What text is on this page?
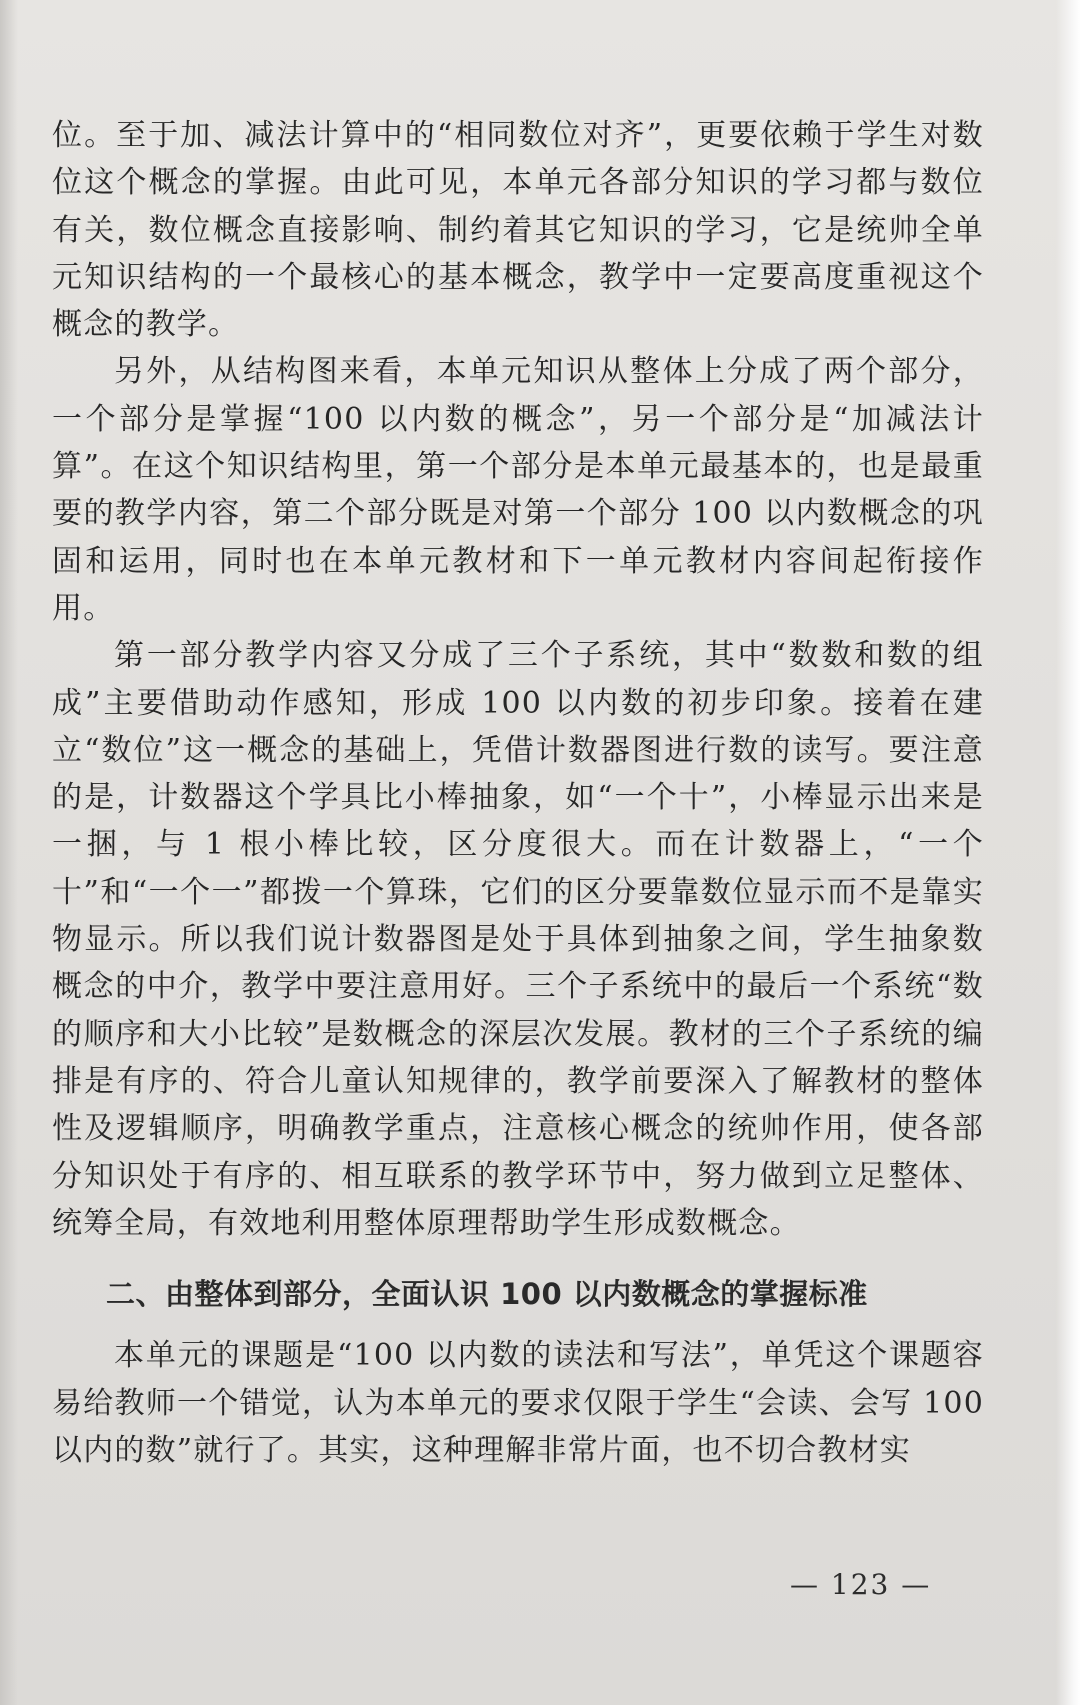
位。至于加、减法计算中的“相同数位对齐”，更要依赖于学生对数位这个概念的掌握。由此可见，本单元各部分知识的学习都与数位有关，数位概念直接影响、制约着其它知识的学习，它是统帅全单元知识结构的一个最核心的基本概念，教学中一定要高度重视这个概念的教学。

另外，从结构图来看，本单元知识从整体上分成了两个部分，一个部分是掌握“100 以内数的概念”，另一个部分是“加减法计算”。在这个知识结构里，第一个部分是本单元最基本的，也是最重要的教学内容，第二个部分既是对第一个部分 100 以内数概念的巩固和运用，同时也在本单元教材和下一单元教材内容间起衔接作用。

第一部分教学内容又分成了三个子系统，其中“数数和数的组成”主要借助动作感知，形成 100 以内数的初步印象。接着在建立“数位”这一概念的基础上，凭借计数器图进行数的读写。要注意的是，计数器这个学具比小棒抽象，如“一个十”，小棒显示出来是一捆，与 1 根小棒比较，区分度很大。而在计数器上，“一个十”和“一个一”都拨一个算珠，它们的区分要靠数位显示而不是靠实物显示。所以我们说计数器图是处于具体到抽象之间，学生抽象数概念的中介，教学中要注意用好。三个子系统中的最后一个系统“数的顺序和大小比较”是数概念的深层次发展。教材的三个子系统的编排是有序的、符合儿童认知规律的，教学前要深入了解教材的整体性及逻辑顺序，明确教学重点，注意核心概念的统帅作用，使各部分知识处于有序的、相互联系的教学环节中，努力做到立足整体、统筹全局，有效地利用整体原理帮助学生形成数概念。

二、由整体到部分，全面认识 100 以内数概念的掌握标准

本单元的课题是“100 以内数的读法和写法”，单凭这个课题容易给教师一个错觉，认为本单元的要求仅限于学生“会读、会写 100 以内的数”就行了。其实，这种理解非常片面，也不切合教材实

— 123 —
